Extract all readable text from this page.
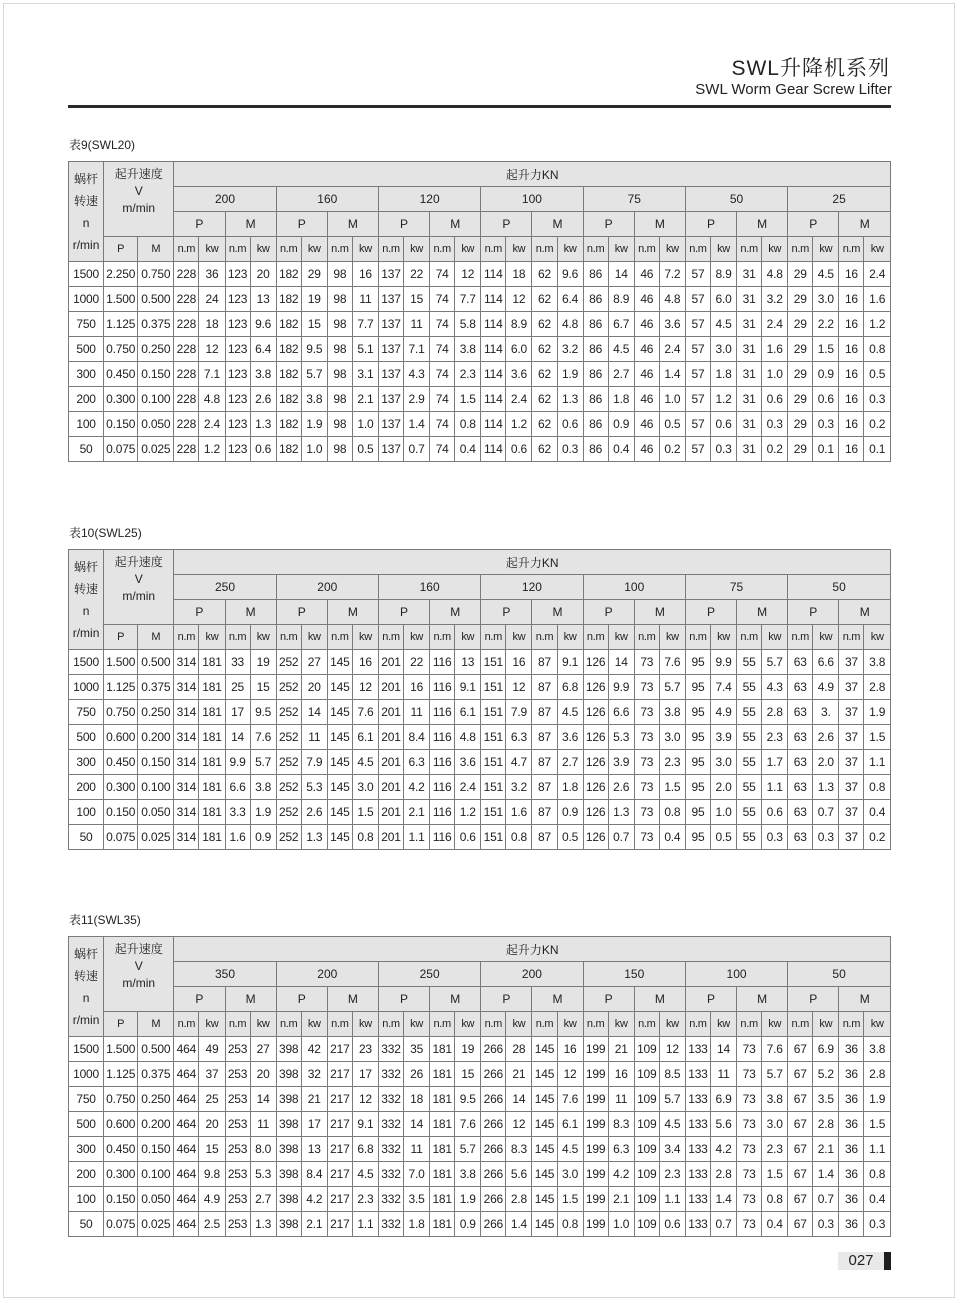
SWL升降机系列
SWL Worm Gear Screw Lifter
表9(SWL20)
蜗杆
转速
n
r/min	起升速度
V
m/min		起升力KN																											
			200				160				120				100				75				50				25			
			P		M		P		M		P		M		P		M		P		M		P		M		P		M	
	P	M	n.m	kw	n.m	kw	n.m	kw	n.m	kw	n.m	kw	n.m	kw	n.m	kw	n.m	kw	n.m	kw	n.m	kw	n.m	kw	n.m	kw	n.m	kw	n.m	kw
1500	2.250	0.750	228	36	123	20	182	29	98	16	137	22	74	12	114	18	62	9.6	86	14	46	7.2	57	8.9	31	4.8	29	4.5	16	2.4
1000	1.500	0.500	228	24	123	13	182	19	98	11	137	15	74	7.7	114	12	62	6.4	86	8.9	46	4.8	57	6.0	31	3.2	29	3.0	16	1.6
750	1.125	0.375	228	18	123	9.6	182	15	98	7.7	137	11	74	5.8	114	8.9	62	4.8	86	6.7	46	3.6	57	4.5	31	2.4	29	2.2	16	1.2
500	0.750	0.250	228	12	123	6.4	182	9.5	98	5.1	137	7.1	74	3.8	114	6.0	62	3.2	86	4.5	46	2.4	57	3.0	31	1.6	29	1.5	16	0.8
300	0.450	0.150	228	7.1	123	3.8	182	5.7	98	3.1	137	4.3	74	2.3	114	3.6	62	1.9	86	2.7	46	1.4	57	1.8	31	1.0	29	0.9	16	0.5
200	0.300	0.100	228	4.8	123	2.6	182	3.8	98	2.1	137	2.9	74	1.5	114	2.4	62	1.3	86	1.8	46	1.0	57	1.2	31	0.6	29	0.6	16	0.3
100	0.150	0.050	228	2.4	123	1.3	182	1.9	98	1.0	137	1.4	74	0.8	114	1.2	62	0.6	86	0.9	46	0.5	57	0.6	31	0.3	29	0.3	16	0.2
50	0.075	0.025	228	1.2	123	0.6	182	1.0	98	0.5	137	0.7	74	0.4	114	0.6	62	0.3	86	0.4	46	0.2	57	0.3	31	0.2	29	0.1	16	0.1
表10(SWL25)
蜗杆
转速
n
r/min	起升速度
V
m/min		起升力KN																											
			250				200				160				120				100				75				50			
			P		M		P		M		P		M		P		M		P		M		P		M		P		M	
	P	M	n.m	kw	n.m	kw	n.m	kw	n.m	kw	n.m	kw	n.m	kw	n.m	kw	n.m	kw	n.m	kw	n.m	kw	n.m	kw	n.m	kw	n.m	kw	n.m	kw
1500	1.500	0.500	314	181	33	19	252	27	145	16	201	22	116	13	151	16	87	9.1	126	14	73	7.6	95	9.9	55	5.7	63	6.6	37	3.8
1000	1.125	0.375	314	181	25	15	252	20	145	12	201	16	116	9.1	151	12	87	6.8	126	9.9	73	5.7	95	7.4	55	4.3	63	4.9	37	2.8
750	0.750	0.250	314	181	17	9.5	252	14	145	7.6	201	11	116	6.1	151	7.9	87	4.5	126	6.6	73	3.8	95	4.9	55	2.8	63	3.	37	1.9
500	0.600	0.200	314	181	14	7.6	252	11	145	6.1	201	8.4	116	4.8	151	6.3	87	3.6	126	5.3	73	3.0	95	3.9	55	2.3	63	2.6	37	1.5
300	0.450	0.150	314	181	9.9	5.7	252	7.9	145	4.5	201	6.3	116	3.6	151	4.7	87	2.7	126	3.9	73	2.3	95	3.0	55	1.7	63	2.0	37	1.1
200	0.300	0.100	314	181	6.6	3.8	252	5.3	145	3.0	201	4.2	116	2.4	151	3.2	87	1.8	126	2.6	73	1.5	95	2.0	55	1.1	63	1.3	37	0.8
100	0.150	0.050	314	181	3.3	1.9	252	2.6	145	1.5	201	2.1	116	1.2	151	1.6	87	0.9	126	1.3	73	0.8	95	1.0	55	0.6	63	0.7	37	0.4
50	0.075	0.025	314	181	1.6	0.9	252	1.3	145	0.8	201	1.1	116	0.6	151	0.8	87	0.5	126	0.7	73	0.4	95	0.5	55	0.3	63	0.3	37	0.2
表11(SWL35)
蜗杆
转速
n
r/min	起升速度
V
m/min		起升力KN																											
			350				200				250				200				150				100				50			
			P		M		P		M		P		M		P		M		P		M		P		M		P		M	
	P	M	n.m	kw	n.m	kw	n.m	kw	n.m	kw	n.m	kw	n.m	kw	n.m	kw	n.m	kw	n.m	kw	n.m	kw	n.m	kw	n.m	kw	n.m	kw	n.m	kw
1500	1.500	0.500	464	49	253	27	398	42	217	23	332	35	181	19	266	28	145	16	199	21	109	12	133	14	73	7.6	67	6.9	36	3.8
1000	1.125	0.375	464	37	253	20	398	32	217	17	332	26	181	15	266	21	145	12	199	16	109	8.5	133	11	73	5.7	67	5.2	36	2.8
750	0.750	0.250	464	25	253	14	398	21	217	12	332	18	181	9.5	266	14	145	7.6	199	11	109	5.7	133	6.9	73	3.8	67	3.5	36	1.9
500	0.600	0.200	464	20	253	11	398	17	217	9.1	332	14	181	7.6	266	12	145	6.1	199	8.3	109	4.5	133	5.6	73	3.0	67	2.8	36	1.5
300	0.450	0.150	464	15	253	8.0	398	13	217	6.8	332	11	181	5.7	266	8.3	145	4.5	199	6.3	109	3.4	133	4.2	73	2.3	67	2.1	36	1.1
200	0.300	0.100	464	9.8	253	5.3	398	8.4	217	4.5	332	7.0	181	3.8	266	5.6	145	3.0	199	4.2	109	2.3	133	2.8	73	1.5	67	1.4	36	0.8
100	0.150	0.050	464	4.9	253	2.7	398	4.2	217	2.3	332	3.5	181	1.9	266	2.8	145	1.5	199	2.1	109	1.1	133	1.4	73	0.8	67	0.7	36	0.4
50	0.075	0.025	464	2.5	253	1.3	398	2.1	217	1.1	332	1.8	181	0.9	266	1.4	145	0.8	199	1.0	109	0.6	133	0.7	73	0.4	67	0.3	36	0.3
027
